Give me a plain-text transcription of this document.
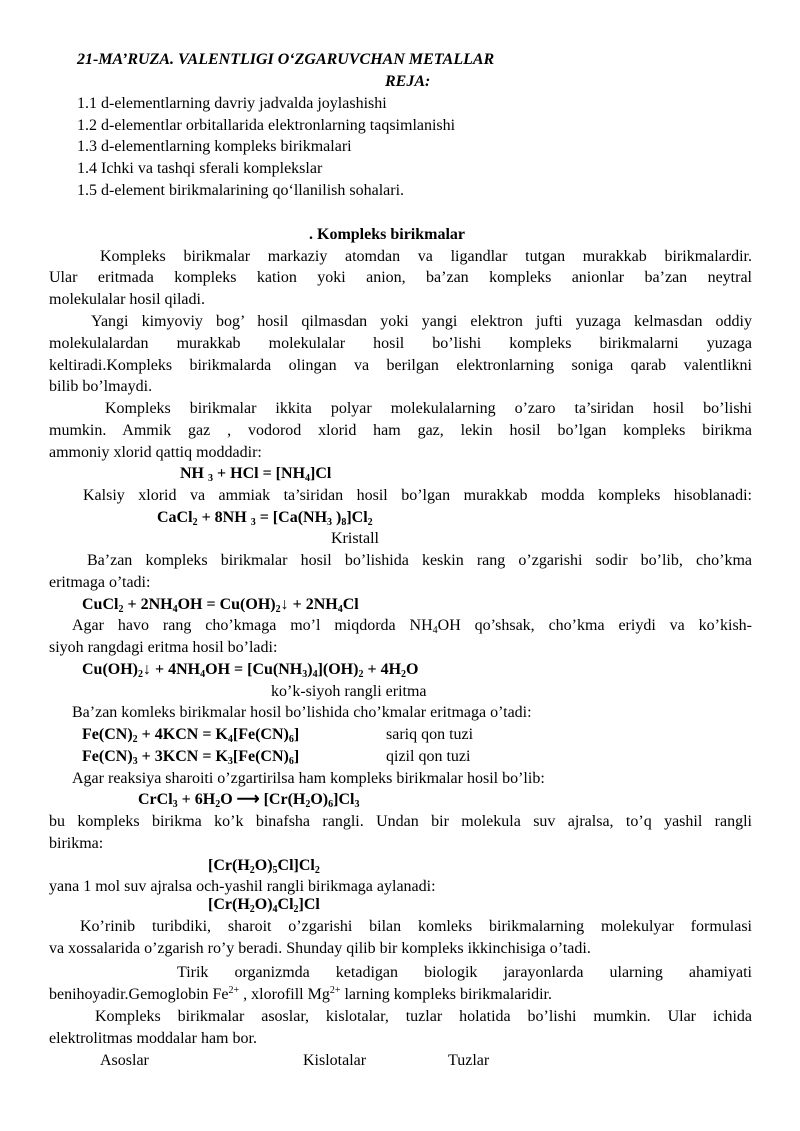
21-MA’RUZA. VALENTLIGI O‘ZGARUVCHAN METALLAR
REJA:
1.1 d-elementlarning davriy jadvalda joylashishi
1.2 d-elementlar orbitallarida elektronlarning taqsimlanishi
1.3 d-elementlarning kompleks birikmalari
1.4 Ichki va tashqi sferali komplekslar
1.5 d-element birikmalarining qo‘llanilish sohalari.
. Kompleks birikmalar
Kompleks birikmalar markaziy atomdan va ligandlar tutgan murakkab birikmalardir.
Ular eritmada kompleks kation yoki anion, ba’zan kompleks anionlar ba’zan neytral
molekulalar hosil qiladi.
Yangi kimyoviy bog’ hosil qilmasdan yoki yangi elektron jufti yuzaga kelmasdan oddiy
molekulalardan murakkab molekulalar hosil bo’lishi kompleks birikmalarni yuzaga
keltiradi.Kompleks birikmalarda olingan va berilgan elektronlarning soniga qarab valentlikni
bilib bo’lmaydi.
Kompleks birikmalar ikkita polyar molekulalarning o’zaro ta’siridan hosil bo’lishi
mumkin. Ammik gaz , vodorod xlorid ham gaz, lekin hosil bo’lgan kompleks birikma
ammoniy xlorid qattiq moddadir:
NH $_3$ + HCl = $[NH_4]Cl$
Kalsiy xlorid va ammiak ta’siridan hosil bo’lgan murakkab modda kompleks hisoblanadi:
CaCl$_2$ + 8NH $_3 = [Ca(NH_3$ )$_8]Cl_2$
Kristall
Ba’zan kompleks birikmalar hosil bo’lishida keskin rang o’zgarishi sodir bo’lib, cho’kma
eritmaga o’tadi:
CuCl$_2$ + $2NH_4OH$ = $Cu(OH)_2↓ + 2NH_4Cl$
Agar havo rang cho’kmaga mo’l miqdorda $NH_4OH$ qo’shsak, cho’kma eriydi va ko’kish-
siyoh rangdagi eritma hosil bo’ladi:
$Cu(OH)_2↓ + 4NH_4OH = [Cu(NH_3)_4](OH)_2 + 4H_2O$
ko’k-siyoh rangli eritma
Ba’zan komleks birikmalar hosil bo’lishida cho’kmalar eritmaga o’tadi:
$Fe(CN)_2 + 4KCN = K_4[Fe(CN)_6]$	sariq qon tuzi
$Fe(CN)_3 + 3KCN = K_3[Fe(CN)_6]$	qizil qon tuzi
Agar reaksiya sharoiti o’zgartirilsa ham kompleks birikmalar hosil bo’lib:
CrCl$_3$ + $6H_2O$ ⟶ $[Cr(H_2O)_6]Cl_3$
bu kompleks birikma ko’k binafsha rangli. Undan bir molekula suv ajralsa, to’q yashil rangli
birikma:
$[Cr(H_2O)_5Cl]Cl_2$
yana 1 mol suv ajralsa och-yashil rangli birikmaga aylanadi:
$[Cr(H_2O)_4Cl_2]Cl$
Ko’rinib turibdiki, sharoit o’zgarishi bilan komleks birikmalarning molekulyar formulasi
va xossalarida o’zgarish ro’y beradi. Shunday qilib bir kompleks ikkinchisiga o’tadi.
Tirik organizmda ketadigan biologik jarayonlarda ularning ahamiyati
benihoyadir.Gemoglobin $Fe^{2+}$ , xlorofill $Mg^{2+}$ larning kompleks birikmalaridir.
Kompleks birikmalar asoslar, kislotalar, tuzlar holatida bo’lishi mumkin. Ular ichida
elektrolitmas moddalar ham bor.
Asoslar	Kislotalar	Tuzlar
